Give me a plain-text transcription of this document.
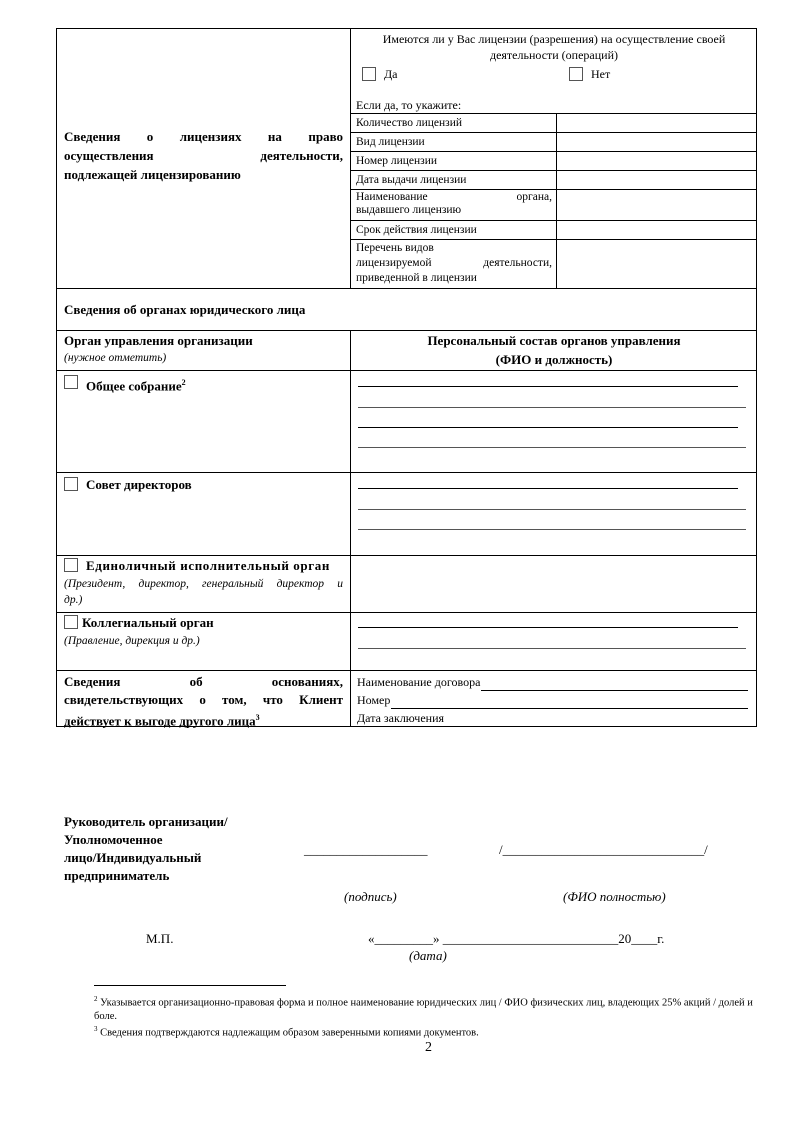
Сведения о лицензиях на право
осуществления деятельности,
подлежащей лицензированию
Имеются ли у Вас лицензии (разрешения) на осуществление своей
деятельности (операций)
Да	Нет
Если да, то укажите:
Количество лицензий
Вид лицензии
Номер лицензии
Дата выдачи лицензии
Наименование органа,
выдавшего лицензию
Срок действия лицензии
Перечень видов
лицензируемой деятельности,
приведенной в лицензии
Сведения об органах юридического лица
Орган управления организации
(нужное отметить)
Персональный состав органов управления
(ФИО и должность)
Общее собрание$^2$
Совет директоров
Единоличный исполнительный орган
(Президент, директор, генеральный директор и
др.)
Коллегиальный орган
(Правление, дирекция и др.)
Сведения об основаниях,
свидетельствующих о том, что Клиент
действует к выгоде другого лица$^3$
Наименование договора
Номер
Дата заключения
Руководитель организации/
Уполномоченное
лицо/Индивидуальный
предприниматель
___________________	/_______________________________/
(подпись)	(ФИО полностью)
М.П.	«_________» ___________________________20____г.
(дата)
$^2$ Указывается организационно-правовая форма и полное наименование юридических лиц / ФИО физических лиц, владеющих 25% акций / долей и боле.
$^3$ Сведения подтверждаются надлежащим образом заверенными копиями документов.
2
